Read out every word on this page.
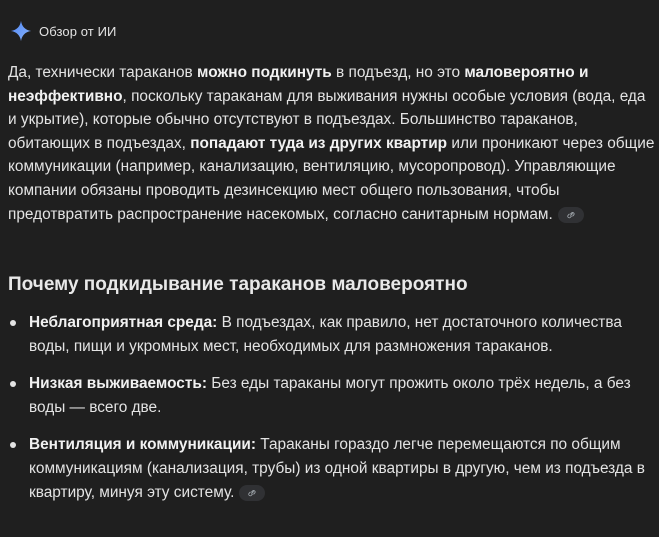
Обзор от ИИ

Да, технически тараканов можно подкинуть в подъезд, но это маловероятно и неэффективно, поскольку тараканам для выживания нужны особые условия (вода, еда и укрытие), которые обычно отсутствуют в подъездах. Большинство тараканов, обитающих в подъездах, попадают туда из других квартир или проникают через общие коммуникации (например, канализацию, вентиляцию, мусоропровод). Управляющие компании обязаны проводить дезинсекцию мест общего пользования, чтобы предотвратить распространение насекомых, согласно санитарным нормам.

Почему подкидывание тараканов маловероятно
Неблагоприятная среда: В подъездах, как правило, нет достаточного количества воды, пищи и укромных мест, необходимых для размножения тараканов.
Низкая выживаемость: Без еды тараканы могут прожить около трёх недель, а без воды — всего две.
Вентиляция и коммуникации: Тараканы гораздо легче перемещаются по общим коммуникациям (канализация, трубы) из одной квартиры в другую, чем из подъезда в квартиру, минуя эту систему.
